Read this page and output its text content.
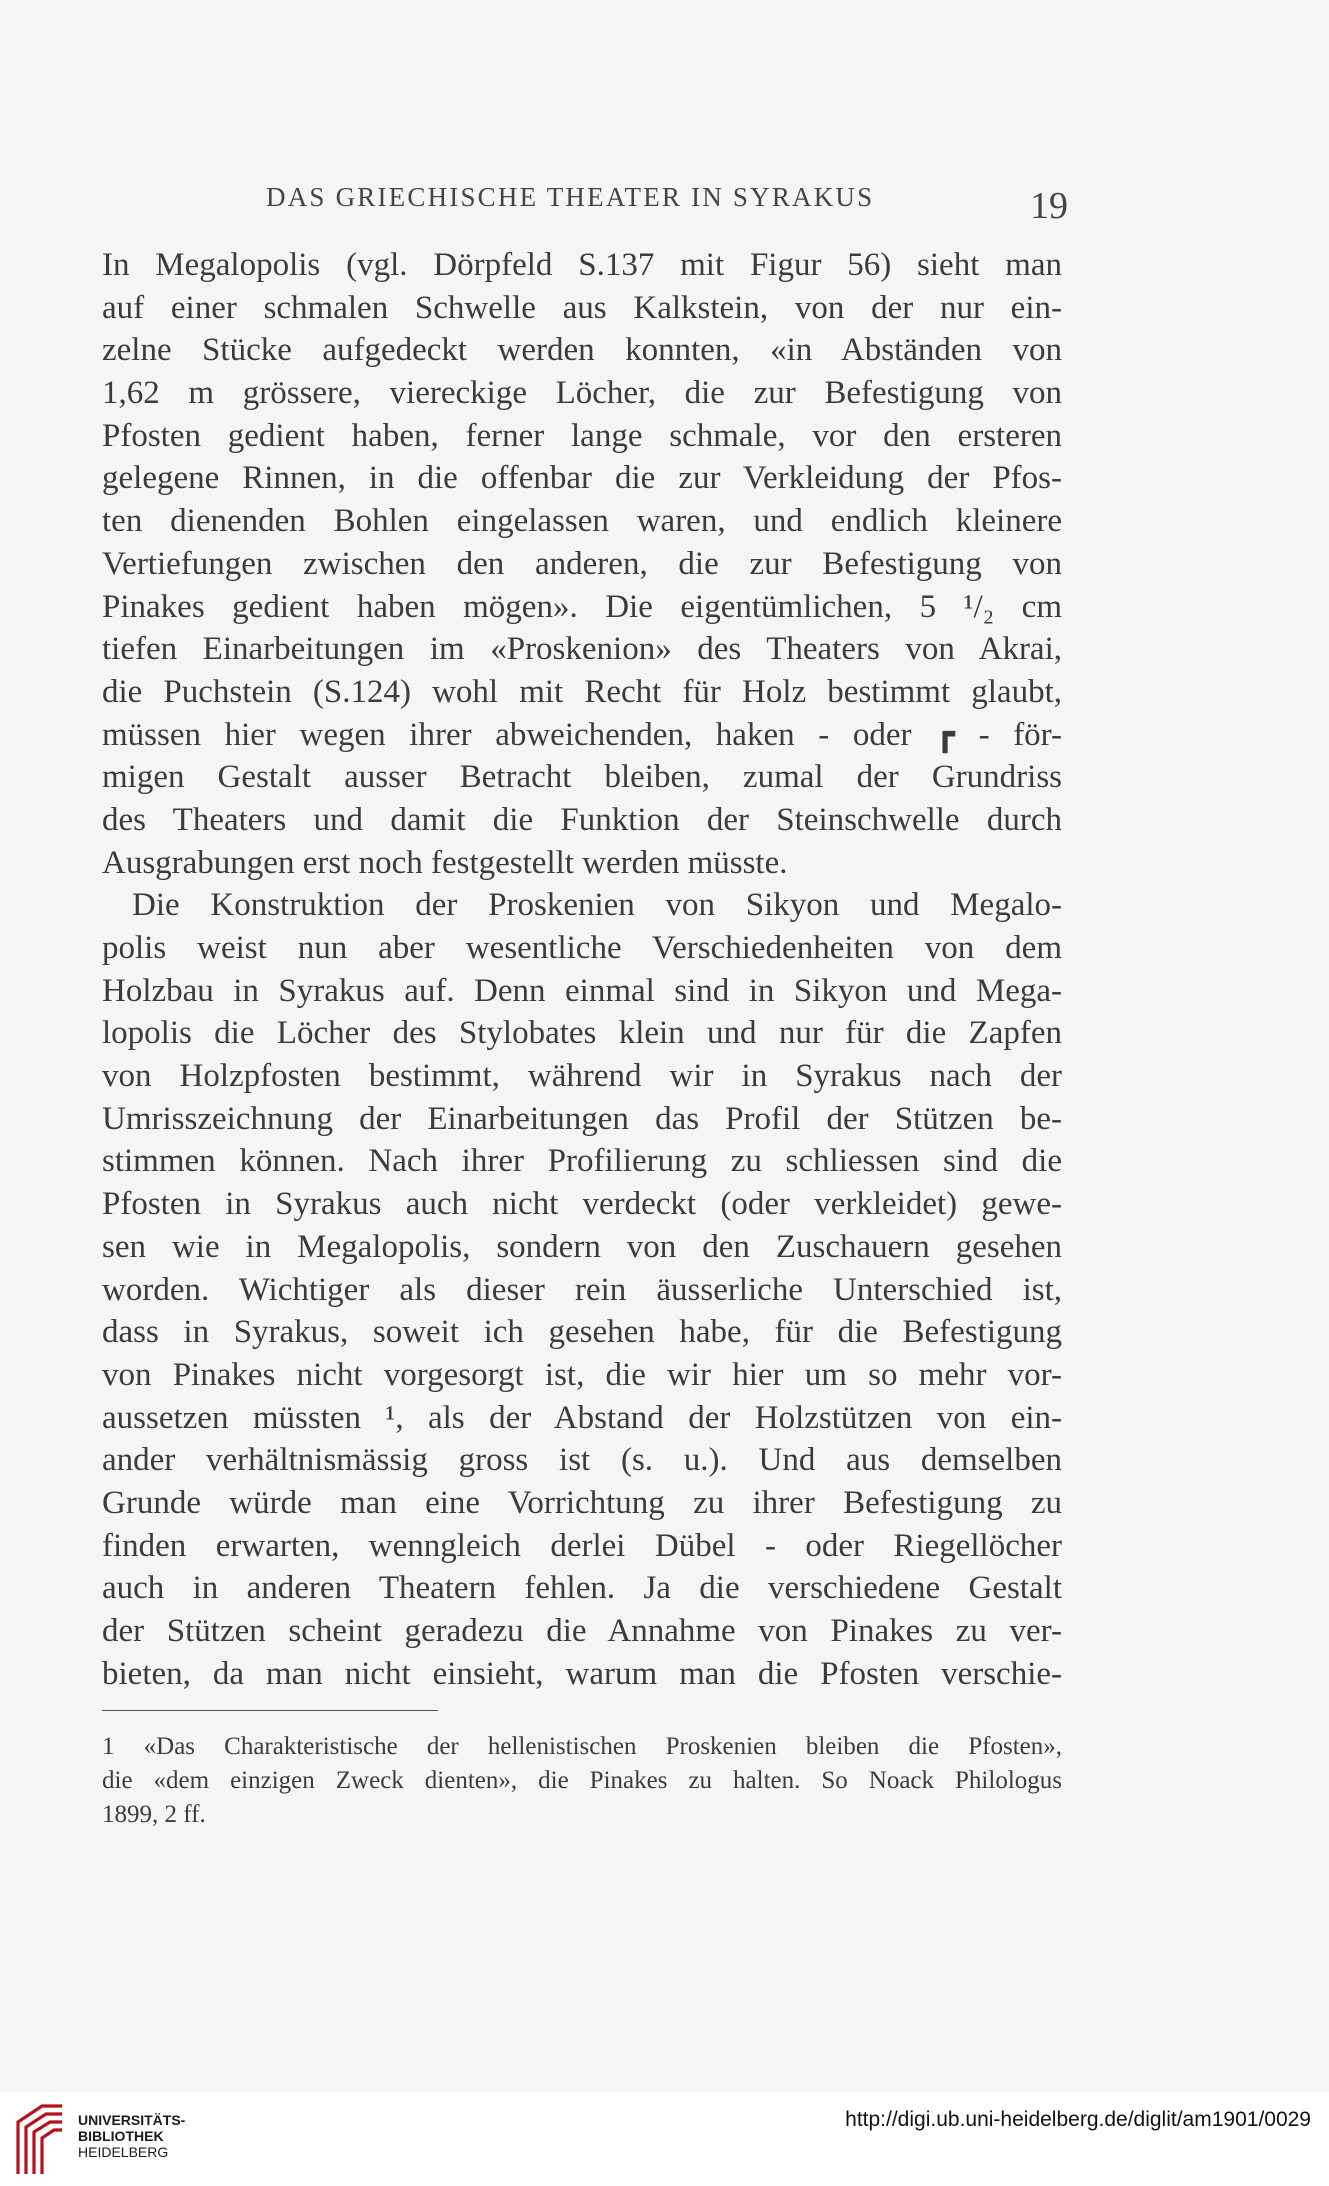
DAS GRIECHISCHE THEATER IN SYRAKUS	19
In Megalopolis (vgl. Dörpfeld S.137 mit Figur 56) sieht man
auf einer schmalen Schwelle aus Kalkstein, von der nur ein-
zelne Stücke aufgedeckt werden konnten, «in Abständen von
1,62 m grössere, viereckige Löcher, die zur Befestigung von
Pfosten gedient haben, ferner lange schmale, vor den ersteren
gelegene Rinnen, in die offenbar die zur Verkleidung der Pfos-
ten dienenden Bohlen eingelassen waren, und endlich kleinere
Vertiefungen zwischen den anderen, die zur Befestigung von
Pinakes gedient haben mögen». Die eigentümlichen, 5 ¹/₂ cm
tiefen Einarbeitungen im «Proskenion» des Theaters von Akrai,
die Puchstein (S.124) wohl mit Recht für Holz bestimmt glaubt,
müssen hier wegen ihrer abweichenden, haken - oder ┏ - för-
migen Gestalt ausser Betracht bleiben, zumal der Grundriss
des Theaters und damit die Funktion der Steinschwelle durch
Ausgrabungen erst noch festgestellt werden müsste.
Die Konstruktion der Proskenien von Sikyon und Megalo-
polis weist nun aber wesentliche Verschiedenheiten von dem
Holzbau in Syrakus auf. Denn einmal sind in Sikyon und Mega-
lopolis die Löcher des Stylobates klein und nur für die Zapfen
von Holzpfosten bestimmt, während wir in Syrakus nach der
Umrisszeichnung der Einarbeitungen das Profil der Stützen be-
stimmen können. Nach ihrer Profilierung zu schliessen sind die
Pfosten in Syrakus auch nicht verdeckt (oder verkleidet) gewe-
sen wie in Megalopolis, sondern von den Zuschauern gesehen
worden. Wichtiger als dieser rein äusserliche Unterschied ist,
dass in Syrakus, soweit ich gesehen habe, für die Befestigung
von Pinakes nicht vorgesorgt ist, die wir hier um so mehr vor-
aussetzen müssten ¹, als der Abstand der Holzstützen von ein-
ander verhältnismässig gross ist (s. u.). Und aus demselben
Grunde würde man eine Vorrichtung zu ihrer Befestigung zu
finden erwarten, wenngleich derlei Dübel - oder Riegellöcher
auch in anderen Theatern fehlen. Ja die verschiedene Gestalt
der Stützen scheint geradezu die Annahme von Pinakes zu ver-
bieten, da man nicht einsieht, warum man die Pfosten verschie-
1 «Das Charakteristische der hellenistischen Proskenien bleiben die Pfosten»,
die «dem einzigen Zweck dienten», die Pinakes zu halten. So Noack Philologus
1899, 2 ff.
UNIVERSITÄTS-
BIBLIOTHEK
HEIDELBERG
http://digi.ub.uni-heidelberg.de/diglit/am1901/0029
